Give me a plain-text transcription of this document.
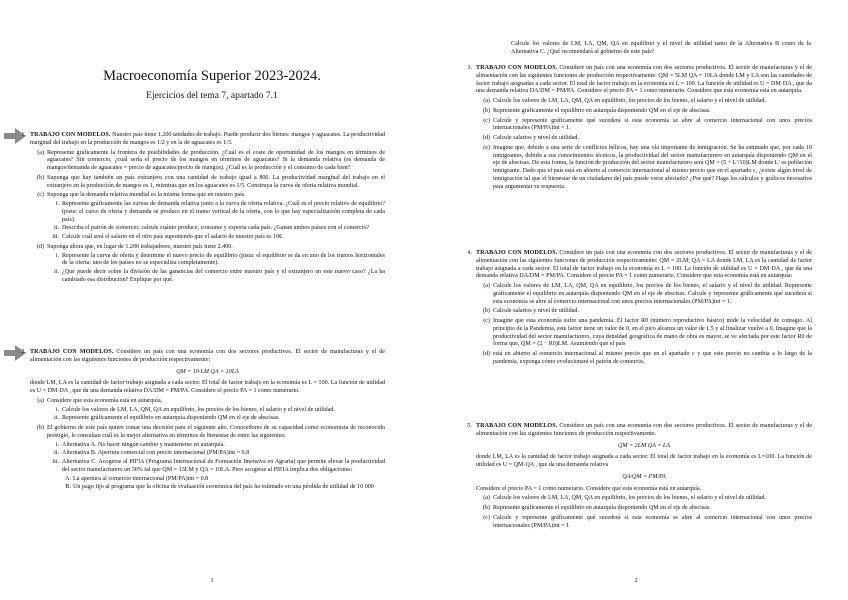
Macroeconomía Superior 2023-2024.
Ejercicios del tema 7, apartado 7.1
1. TRABAJO CON MODELOS. Nuestro país tiene 1.200 unidades de trabajo. Puede producir dos bienes: mangos y aguacates. La productividad marginal del trabajo en la producción de mangos es 1/2 y en la de aguacates es 1/3.

(a) Represente gráficamente la frontera de posibilidades de producción. ¿Cuál es el coste de oportunidad de los mangos en términos de aguacates? Sin comercio, ¿cuál sería el precio de los mangos en términos de aguacates? Si la demanda relativa (es demanda de mangos/demanda de aguacates = precio de aguacates/precio de mangos). ¿Cuál es la producción y el consumo de cada bien?
(b) Suponga que hay también un país extranjero con una cantidad de trabajo igual a 800. La productividad marginal del trabajo en el extranjero en la producción de mangos es 1, mientras que en los aguacates es 1/5. Construya la curva de oferta relativa mundial.
(c) Suponga que la demanda relativa mundial es la misma forma que en nuestro país.
i. Represente gráficamente las curvas de demanda relativa junto a la curva de oferta relativa. ¿Cuál es el precio relativo de equilibrio? (pista: el curso de oferta y demanda se produce en el tramo vertical de la oferta, con lo que hay especialización completa de cada país).
ii. Describa el patrón de comercio; calcule cuánto produce, consume y exporta cada país. ¿Ganan ambos países con el comercio?
iii. Calcule cuál será el salario en el otro país suponiendo que el salario de nuestro país es 10€.
(d) Suponga ahora que, en lugar de 1.200 trabajadores, nuestro país tiene 2.400.
i. Represente la curva de oferta y determine el nuevo precio de equilibrio (pista: el equilibrio se da en uno de los tramos horizontales de la oferta: uno de los países no se especializa completamente).
ii. ¿Qué puede decir sobre la división de las ganancias del comercio entre nuestro país y el extranjero en este nuevo caso? ¿La ha cambiado esa distribución? Explique por qué.
2. TRABAJO CON MODELOS. Considere un país con una economía con dos sectores productivos. El sector de manufacturas y el de alimentación con las siguientes funciones de producción respectivamente:

QM = 10·LM QA = 10LA

donde LM, LA es la cantidad de factor trabajo asignada a cada sector. El total de factor trabajo en la economía es L = 100. La función de utilidad es U = DM·DA , que da una demanda relativa DA/DM = PM/PA. Considere el precio PA = 1 como numerario.

(a) Considere que esta economía está en autarquía.
i. Calcule los valores de LM, LA, QM, QA en equilibrio, los precios de los bienes, el salario y el nivel de utilidad.
ii. Represente gráficamente el equilibrio en autarquía disponiendo QM en el eje de abscisas.
(b) El gobierno de este país quiere tomar una decisión para el siguiente año. Conocedores de su capacidad como economista de reconocido prestigio, le consultan cuál es la mejor alternativa en términos de bienestar de entre las siguientes:
i. Alternativa A. No hacer ningún cambio y mantenerse en autarquía.
ii. Alternativa B. Apertura comercial con precio internacional (PM/PA)int = 0.8
iii. Alternativa C. Acogerse al PIFIA (Programa Internacional de Formación Intensiva en Agraria) que permite elevar la productividad del sector manufacturero un 30% tal que QM = 13LM y QA = 10LA. Pero acogerse al PIFIA implica dos obligaciones:
A. La apertura al comercio internacional (PM/PA)int = 0.8
B. Un pago fijo al programa que la oficina de evaluación económica del país ha estimado en una pérdida de utilidad de 10 000
1
Calcule los valores de LM, LA, QM, QA en equilibrio y el nivel de utilidad tanto de la Alternativa B como de la Alternativa C. ¿Qué recomendará al gobierno de este país?
3. TRABAJO CON MODELOS. Considere un país con una economía con dos sectores productivos. El sector de manufacturas y el de alimentación con las siguientes funciones de producción respectivamente: QM = 5LM QA = 10LA donde LM y LA son las cantidades de factor trabajo asignadas a cada sector. El total de factor trabajo en la economía es L = 100. La función de utilidad es U = DM·DA , que da una demanda relativa DA/DM = PM/PA. Considere el precio PA = 1 como numerario. Considere que esta economía está en autarquía.

(a) Calcule los valores de LM, LA, QM, QA en equilibrio, los precios de los bienes, el salario y el nivel de utilidad.
(b) Represente gráficamente el equilibrio en autarquía disponiendo QM en el eje de abscisas.
(c) Calcule y represente gráficamente qué sucederá si esta economía se abre al comercio internacional con unos precios internacionales (PM/PA)int = 1.
(d) Calcule salarios y nivel de utilidad.
(e) Imagine que, debido a una serie de conflictos bélicos, hay una ola importante de inmigración. Se ha estimado que, por cada 10 inmigrantes, debido a sus conocimientos técnicos, la productividad del sector manufacturero en autarquía disponiendo QM en el eje de abscisas. De esta forma, la función de producción del sector manufacturero será QM = (5 + L′/10)LM donde L′ es población inmigrante. Dado que el país está en abierto al comercio internacional al mismo precio que en el apartado c, ¿existe algún nivel de inmigración tal que el bienestar de un ciudadano del país puede verse afectado? ¿Por qué? Haga los cálculos y gráficos necesarios para argumentar su respuesta.
4. TRABAJO CON MODELOS. Considere un país con una economía con dos sectores productivos. El sector de manufacturas y el de alimentación con las siguientes funciones de producción respectivamente: QM = 2LM; QA = LA donde LM, LA es la cantidad de factor trabajo asignada a cada sector. El total de factor trabajo en la economía es L = 100. La función de utilidad es U = DM·DA , que da una demanda relativa DA/DM = PM/PA. Considere el precio PA = 1 como numerario. Considere que esta economía está en autarquía:

(a) Calcule los valores de LM, LA, QM, QA en equilibrio, los precios de los bienes, el salario y el nivel de utilidad. Represente gráficamente el equilibrio en autarquía disponiendo QM en el eje de abscisas. Calcule y represente gráficamente qué sucederá si esta economía se abre al comercio internacional con unos precios internacionales (PM/PA)int = 1.
(b) Calcule salarios y nivel de utilidad.
(c) Imagine que esta economía sufre una pandemia. El factor R0 (número reproductivo básico) mide la velocidad de contagio. Al principio de la Pandemia, este factor tiene un valor de 0, en el pico alcanza un valor de 1.5 y al finalizar vuelve a 0. Imagine que la productividad del sector manufacturero, cuya densidad geográfica de mano de obra es mayor, se ve afectada por este factor R0 de forma que, QM = (2 − R0)LM. Asumiendo que el país
(d) está en abierto al comercio internacional al mismo precio que en el apartado c y que este precio no cambia a lo largo de la pandemia, exponga cómo evolucionará el patrón de comercio.
5. TRABAJO CON MODELOS. Considere un país con una economía con dos sectores productivos. El sector de manufacturas y el de alimentación con las siguientes funciones de producción respectivamente.

QM = 2LM QA = LA

donde LM, LA es la cantidad de factor trabajo asignada a cada sector. El total de factor trabajo en la economía es L=100. La función de utilidad es U = QM·QA , que da una demanda relativa

QA/QM = PM/PA

Considere el precio PA = 1 como numerario. Considere que esta economía está en autarquía.

(a) Calcule los valores de LM, LA, QM, QA en equilibrio, los precios de los bienes, el salario y el nivel de utilidad.
(b) Represente gráficamente el equilibrio en autarquía disponiendo QM en el eje de abscisas.
(c) Calcule y represente gráficamente qué sucederá si esta economía se abre al comercio internacional con unos precios internacionales (PM/PA)int = 1.
2
